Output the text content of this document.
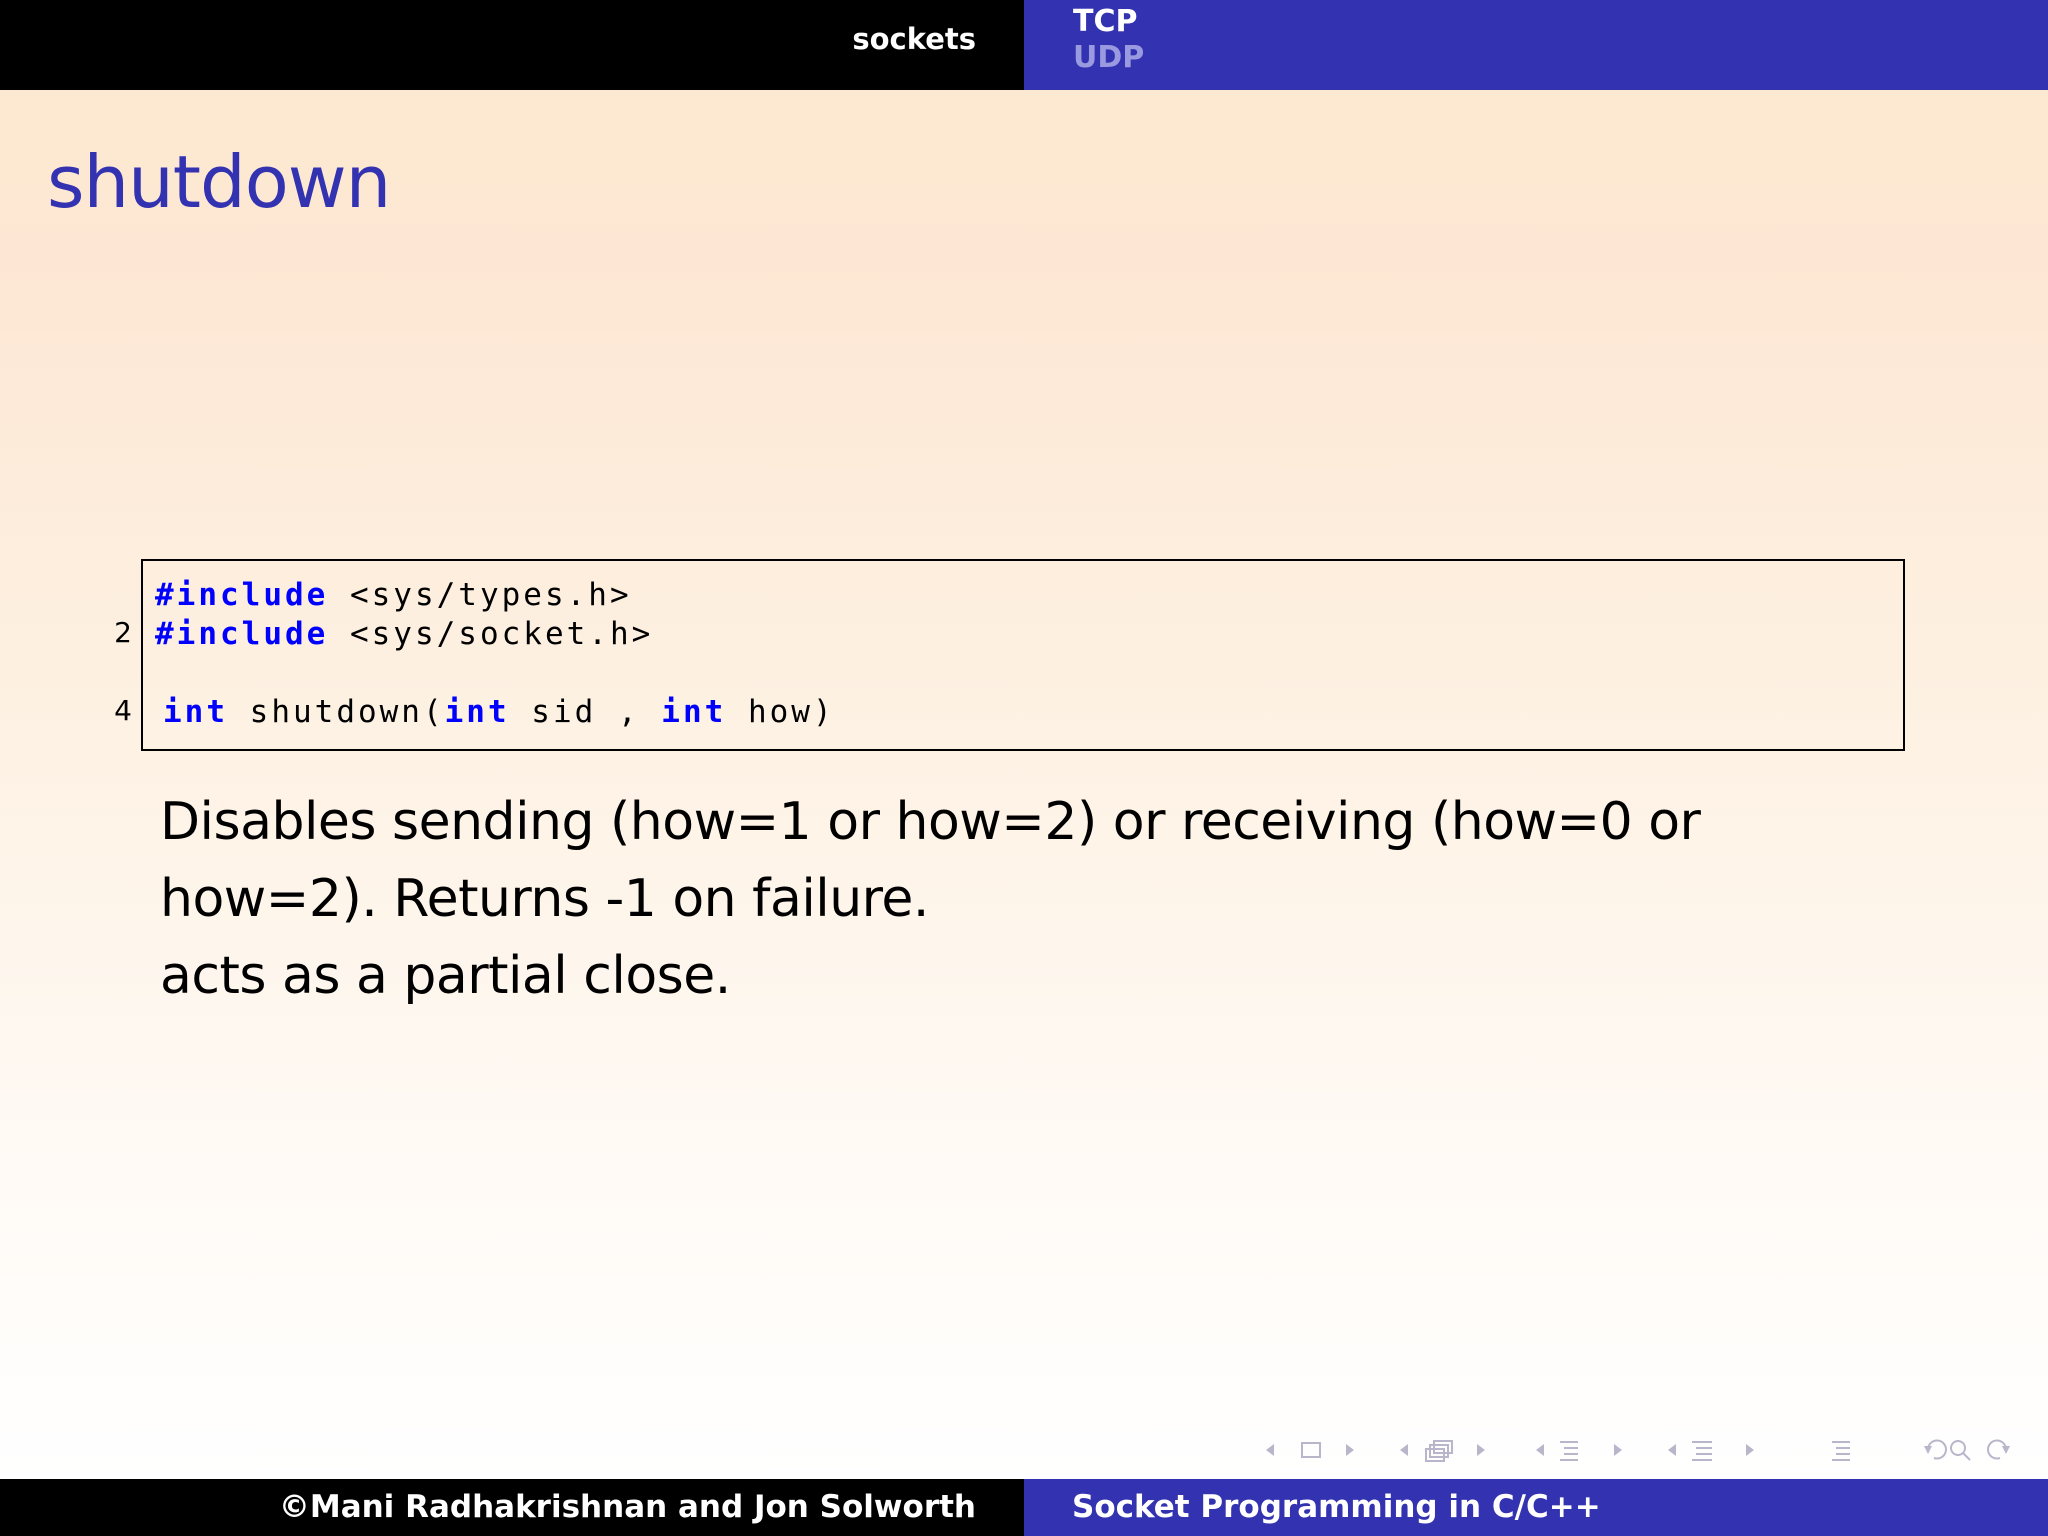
sockets	TCP
UDP
shutdown
#include <sys/types.h>
2 #include <sys/socket.h>
4 int shutdown(int sid , int how)
Disables sending (how=1 or how=2) or receiving (how=0 or
how=2). Returns -1 on failure.
acts as a partial close.
©Mani Radhakrishnan and Jon Solworth	Socket Programming in C/C++
